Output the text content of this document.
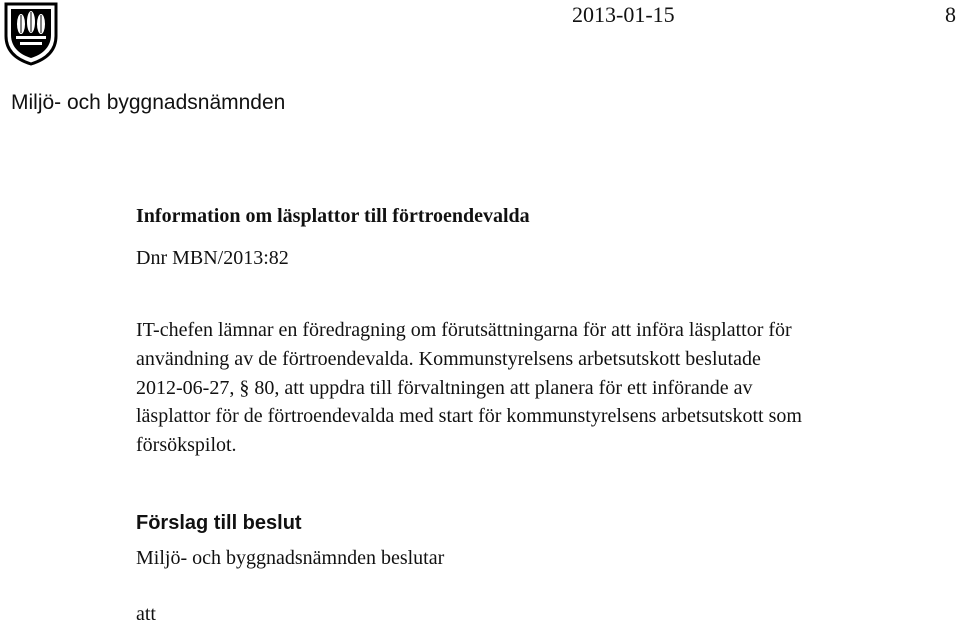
2013-01-15	8
Miljö- och byggnadsnämnden
Information om läsplattor till förtroendevalda
Dnr MBN/2013:82
IT-chefen lämnar en föredragning om förutsättningarna för att införa läsplattor för
användning av de förtroendevalda. Kommunstyrelsens arbetsutskott beslutade
2012-06-27, § 80, att uppdra till förvaltningen att planera för ett införande av
läsplattor för de förtroendevalda med start för kommunstyrelsens arbetsutskott som
försökspilot.
Förslag till beslut
Miljö- och byggnadsnämnden beslutar
att
